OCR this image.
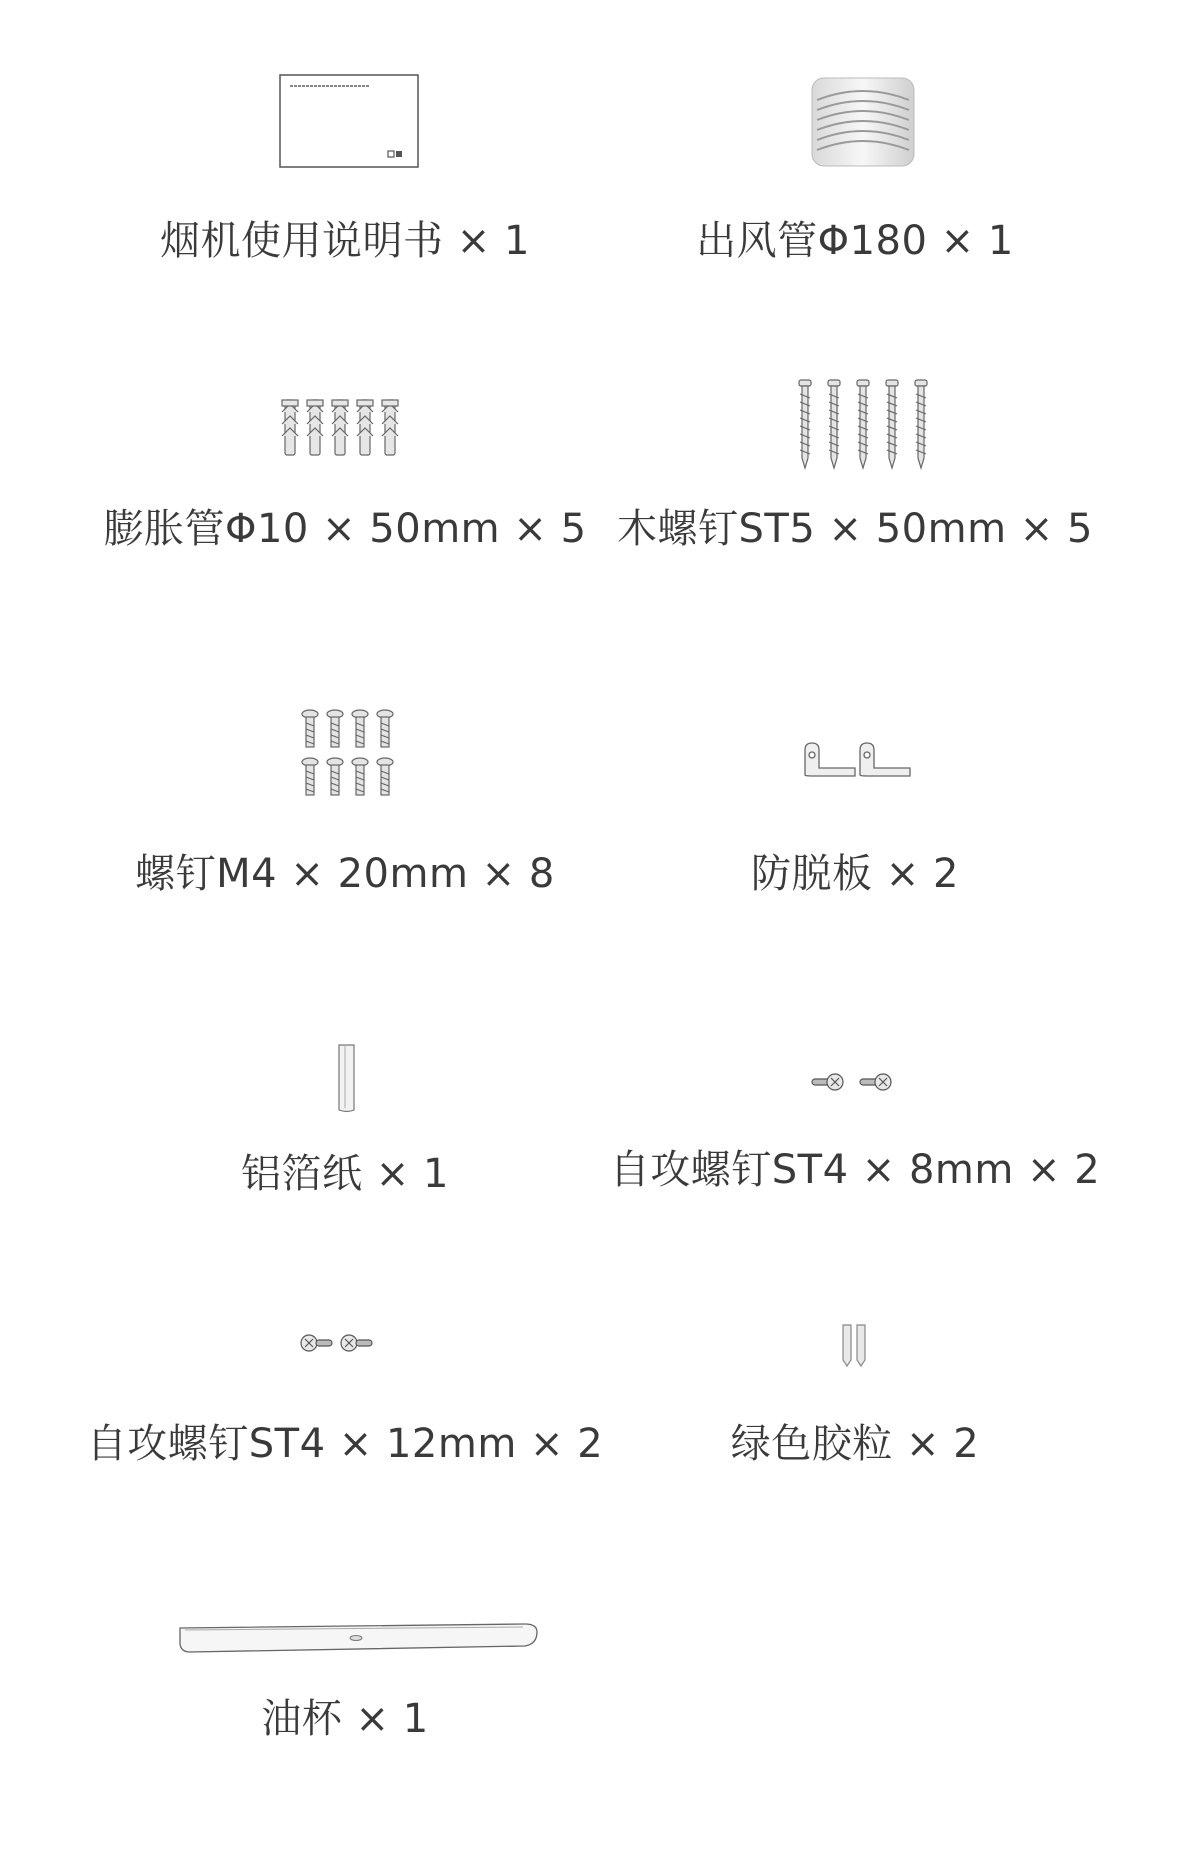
烟机使用说明书 × 1	出风管Φ180 × 1
膨胀管Φ10 × 50mm × 5 木螺钉ST5 × 50mm × 5
螺钉M4 × 20mm × 8	防脱板 × 2
铝箔纸 × 1	自攻螺钉ST4 × 8mm × 2
自攻螺钉ST4 × 12mm × 2	绿色胶粒 × 2
油杯 × 1
